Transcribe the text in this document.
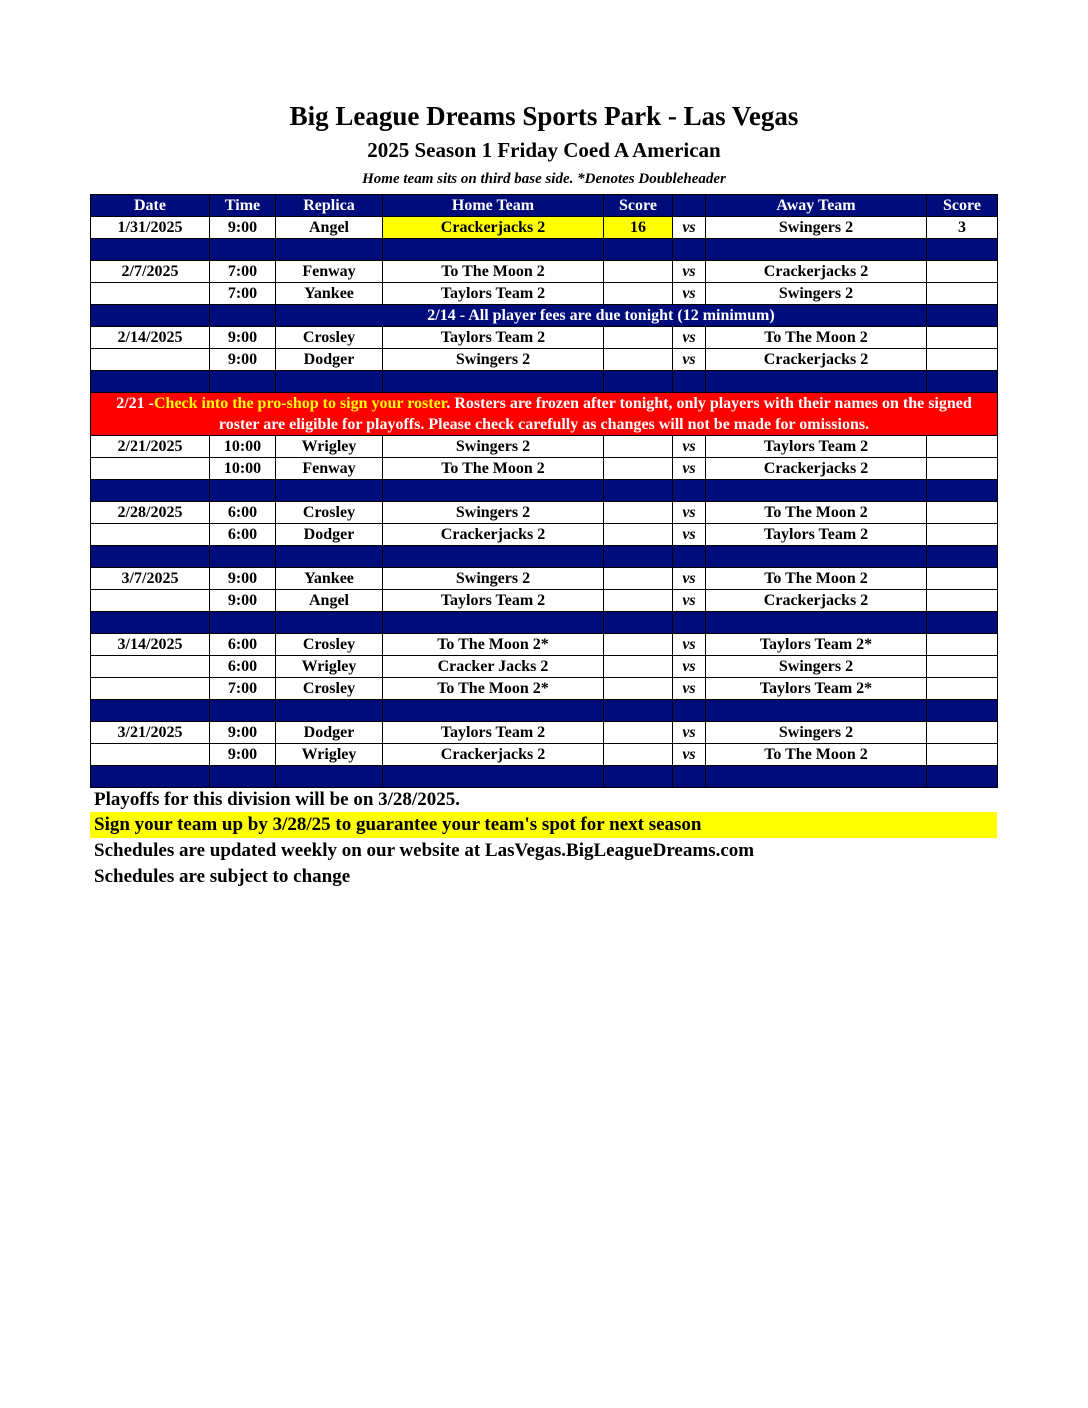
Big League Dreams Sports Park - Las Vegas
2025 Season 1 Friday Coed A American
Home team sits on third base side. *Denotes Doubleheader
Date	Time	Replica	Home Team	Score		Away Team	Score
1/31/2025	9:00	Angel	Crackerjacks 2	16	vs	Swingers 2	3

2/7/2025	7:00	Fenway	To The Moon 2		vs	Crackerjacks 2	
	7:00	Yankee	Taylors Team 2		vs	Swingers 2	
		2/14 - All player fees are due tonight (12 minimum)					
2/14/2025	9:00	Crosley	Taylors Team 2		vs	To The Moon 2	
	9:00	Dodger	Swingers 2		vs	Crackerjacks 2	

2/21 -Check into the pro-shop to sign your roster. Rosters are frozen after tonight, only players with their names on the signed roster are eligible for playoffs. Please check carefully as changes will not be made for omissions.							
2/21/2025	10:00	Wrigley	Swingers 2		vs	Taylors Team 2	
	10:00	Fenway	To The Moon 2		vs	Crackerjacks 2	

2/28/2025	6:00	Crosley	Swingers 2		vs	To The Moon 2	
	6:00	Dodger	Crackerjacks 2		vs	Taylors Team 2	

3/7/2025	9:00	Yankee	Swingers 2		vs	To The Moon 2	
	9:00	Angel	Taylors Team 2		vs	Crackerjacks 2	

3/14/2025	6:00	Crosley	To The Moon 2*		vs	Taylors Team 2*	
	6:00	Wrigley	Cracker Jacks 2		vs	Swingers 2	
	7:00	Crosley	To The Moon 2*		vs	Taylors Team 2*	

3/21/2025	9:00	Dodger	Taylors Team 2		vs	Swingers 2	
	9:00	Wrigley	Crackerjacks 2		vs	To The Moon 2	

Playoffs for this division will be on 3/28/2025.
Sign your team up by 3/28/25 to guarantee your team's spot for next season
Schedules are updated weekly on our website at LasVegas.BigLeagueDreams.com
Schedules are subject to change
